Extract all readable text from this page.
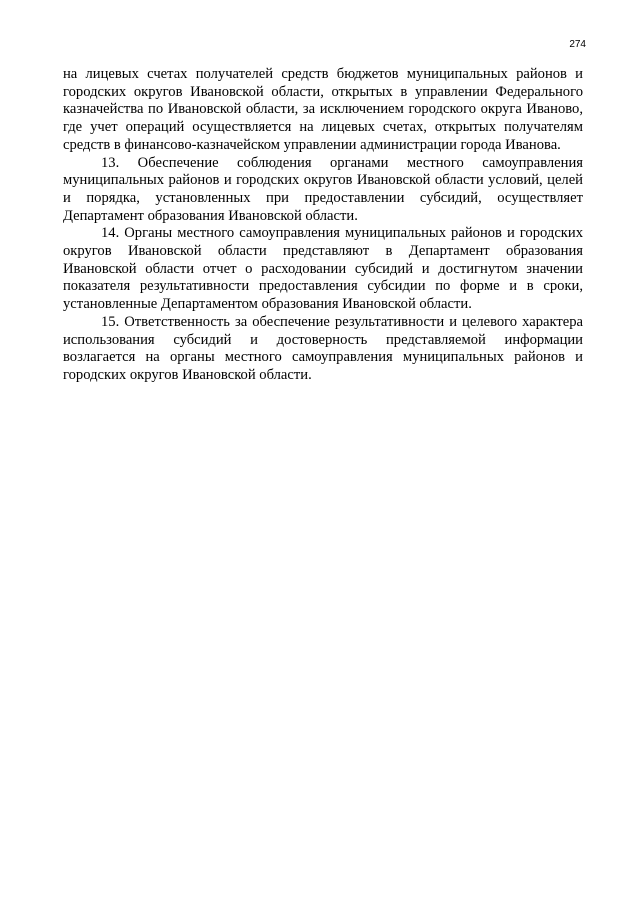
274

на лицевых счетах получателей средств бюджетов муниципальных районов и городских округов Ивановской области, открытых в управлении Федерального казначейства по Ивановской области, за исключением городского округа Иваново, где учет операций осуществляется на лицевых счетах, открытых получателям средств в финансово-казначейском управлении администрации города Иванова.

13. Обеспечение соблюдения органами местного самоуправления муниципальных районов и городских округов Ивановской области условий, целей и порядка, установленных при предоставлении субсидий, осуществляет Департамент образования Ивановской области.

14. Органы местного самоуправления муниципальных районов и городских округов Ивановской области представляют в Департамент образования Ивановской области отчет о расходовании субсидий и достигнутом значении показателя результативности предоставления субсидии по форме и в сроки, установленные Департаментом образования Ивановской области.

15. Ответственность за обеспечение результативности и целевого характера использования субсидий и достоверность представляемой информации возлагается на органы местного самоуправления муниципальных районов и городских округов Ивановской области.
